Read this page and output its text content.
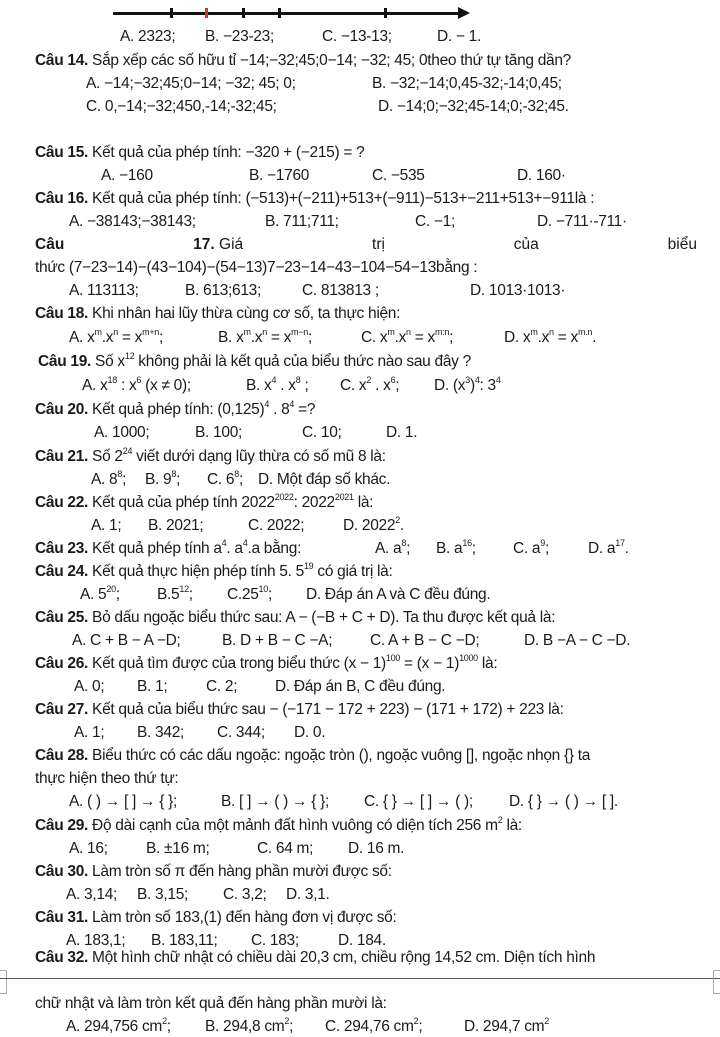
A. 2323; B. −23-23;	C. −13-13;	D. − 1.
Câu 14. Sắp xếp các số hữu tỉ −14;−32;45;0−14; −32; 45; 0theo thứ tự tăng dần?
A. −14;−32;45;0−14; −32; 45; 0;	B. −32;−14;0,45-32;-14;0,45;
C. 0,−14;−32;450,-14;-32;45;	D. −14;0;−32;45-14;0;-32;45.
Câu 15. Kết quả của phép tính: −320 + (−215) = ?
A. −160	B. −1760	C. −535	D. 160·
Câu 16. Kết quả của phép tính: (−513)+(−211)+513+(−911)−513+−211+513+−911là :
A. −38143;−38143;	B. 711;711;	C. −1;	D. −711·-711·
Câu	17. Giá	trị	của	biểu
thức (7−23−14)−(43−104)−(54−13)7−23−14−43−104−54−13bằng :
A. 113113;	B. 613;613;	C. 813813 ;	D. 1013·1013·
Câu 18. Khi nhân hai lũy thừa cùng cơ số, ta thực hiện:
A. $x^m.x^n = x^{m+n}$;	B. $x^m.x^n = x^{m-n}$;	C. $x^m.x^n = x^{m:n}$;	D. $x^m.x^n = x^{m.n}$.
Câu 19. Số $x^{12}$ không phải là kết quả của biểu thức nào sau đây ?
A. $x^{18}$ : $x^6$ (x ≠ 0);	B. $x^4$ . $x^8$ ; C. $x^2$ . $x^6$; D. $(x^3)^4$: $3^4$
Câu 20. Kết quả phép tính: $(0,125)^4$ . $8^4$ =?
A. 1000;	B. 100;	C. 10;	D. 1.
Câu 21. Số $2^{24}$ viết dưới dạng lũy thừa có số mũ 8 là:
A. $8^8$; B. $9^8$; C. $6^8$; D. Một đáp số khác.
Câu 22. Kết quả của phép tính $2022^{2022}$: $2022^{2021}$ là:
A. 1; B. 2021;	C. 2022;	D. 2022$^2$.
Câu 23. Kết quả phép tính $a^4$. $a^4.a$ bằng:	A. $a^8$; B. $a^{16}$; C. $a^9$;	D. $a^{17}$.
Câu 24. Kết quả thực hiện phép tính 5. $5^{19}$ có giá trị là:
A. $5^{20}$; $B.5^{12}$; $C.25^{10}$; D. Đáp án A và C đều đúng.
Câu 25. Bỏ dấu ngoặc biểu thức sau: A − (−B + C + D). Ta thu được kết quả là:
A. C + B − A −D;	B. D + B − C −A; C. A + B − C −D;	D. B −A − C −D.
Câu 26. Kết quả tìm được của trong biểu thức $(x - 1)^{100} = (x - 1)^{1000}$ là:
A. 0; B. 1; C. 2; D. Đáp án B, C đều đúng.
Câu 27. Kết quả của biểu thức sau − (−171 − 172 + 223) − (171 + 172) + 223 là:
A. 1; B. 342; C. 344; D. 0.
Câu 28. Biểu thức có các dấu ngoặc: ngoặc tròn (), ngoặc vuông [], ngoặc nhọn {} ta
thực hiện theo thứ tự:
A. ( ) → [ ] → { };	B. [ ] → ( ) → { }; C. { } → [ ] → ( ); D. { } → ( ) → [ ].
Câu 29. Độ dài cạnh của một mảnh đất hình vuông có diện tích 256 $m^2$ là:
A. 16; B. ±16 m;	C. 64 m; D. 16 m.
Câu 30. Làm tròn số π đến hàng phần mười được số:
A. 3,14; B. 3,15; C. 3,2; D. 3,1.
Câu 31. Làm tròn số 183,(1) đến hàng đơn vị được số:
A. 183,1; B. 183,11; C. 183;	D. 184.
Câu 32. Một hình chữ nhật có chiều dài 20,3 cm, chiều rộng 14,52 cm. Diện tích hình
chữ nhật và làm tròn kết quả đến hàng phần mười là:
A. 294,756 $cm^2$; B. 294,8 $cm^2$; C. 294,76 $cm^2$;	D. 294,7 $cm^2$
